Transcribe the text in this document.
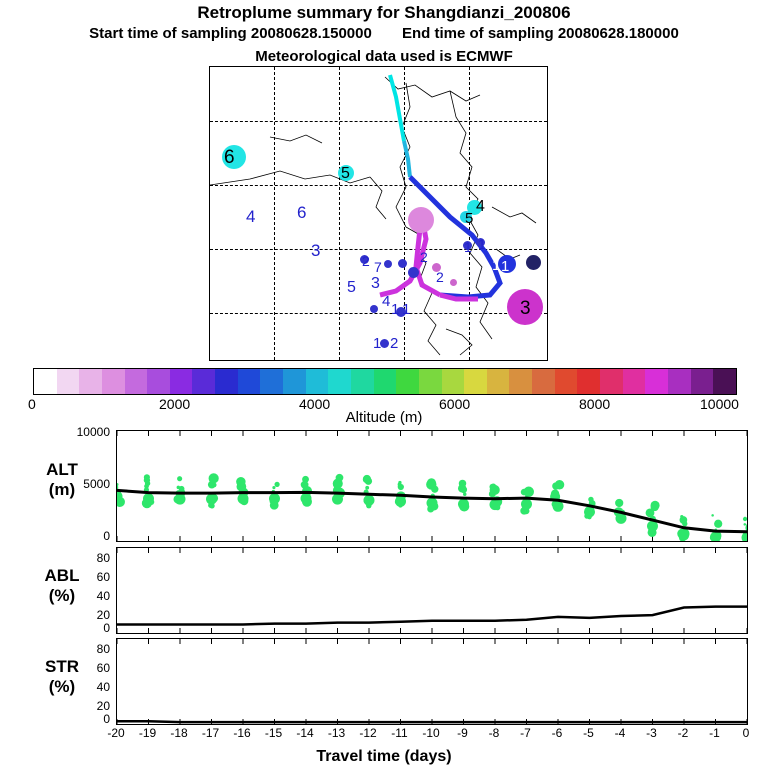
Retroplume summary for Shangdianzi_200806
Start time of sampling 20080628.150000 End time of sampling 20080628.180000
Meteorological data used is ECMWF
6
5
4 6
3
5 3
4 1 1
1 2
2 7
2
2
1 1
4
5
1 1
3
0	2000	4000	6000	8000	10000
Altitude (m)
ALT
(m)
10000
5000
0
ABL
(%)
80
60
40
20
0
STR
(%)
80
60
40
20
0
-20	-19	-18	-17	-16	-15	-14	-13	-12	-11	-10	-9	-8	-7	-6	-5	-4	-3	-2	-1	0
Travel time (days)
